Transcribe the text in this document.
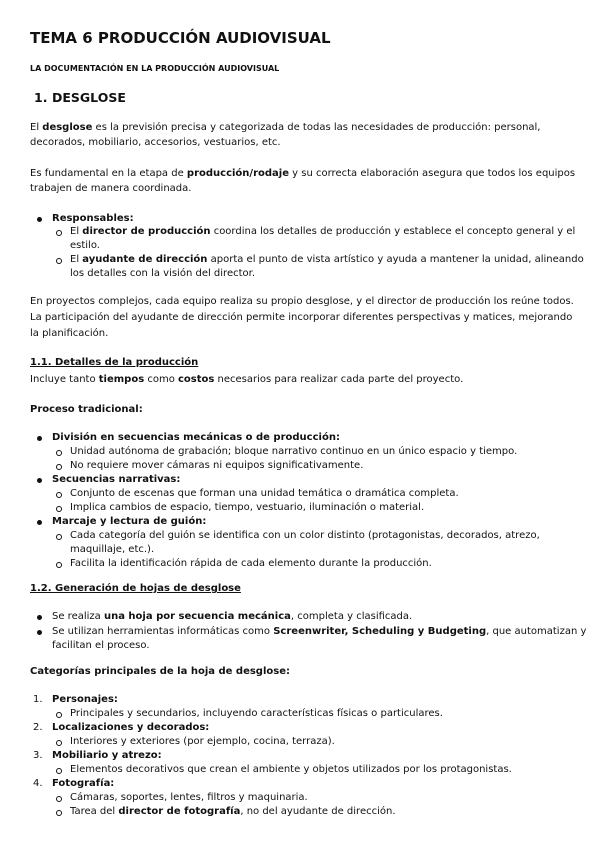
TEMA 6 PRODUCCIÓN AUDIOVISUAL
LA DOCUMENTACIÓN EN LA PRODUCCIÓN AUDIOVISUAL
1. DESGLOSE
El desglose es la previsión precisa y categorizada de todas las necesidades de producción: personal,
decorados, mobiliario, accesorios, vestuarios, etc.
Es fundamental en la etapa de producción/rodaje y su correcta elaboración asegura que todos los equipos
trabajen de manera coordinada.
Responsables:
El director de producción coordina los detalles de producción y establece el concepto general y el
estilo.
El ayudante de dirección aporta el punto de vista artístico y ayuda a mantener la unidad, alineando
los detalles con la visión del director.
En proyectos complejos, cada equipo realiza su propio desglose, y el director de producción los reúne todos.
La participación del ayudante de dirección permite incorporar diferentes perspectivas y matices, mejorando
la planificación.
1.1. Detalles de la producción
Incluye tanto tiempos como costos necesarios para realizar cada parte del proyecto.
Proceso tradicional:
División en secuencias mecánicas o de producción:
Unidad autónoma de grabación; bloque narrativo continuo en un único espacio y tiempo.
No requiere mover cámaras ni equipos significativamente.
Secuencias narrativas:
Conjunto de escenas que forman una unidad temática o dramática completa.
Implica cambios de espacio, tiempo, vestuario, iluminación o material.
Marcaje y lectura de guión:
Cada categoría del guión se identifica con un color distinto (protagonistas, decorados, atrezo,
maquillaje, etc.).
Facilita la identificación rápida de cada elemento durante la producción.
1.2. Generación de hojas de desglose
Se realiza una hoja por secuencia mecánica, completa y clasificada.
Se utilizan herramientas informáticas como Screenwriter, Scheduling y Budgeting, que automatizan y
facilitan el proceso.
Categorías principales de la hoja de desglose:
1. Personajes:
Principales y secundarios, incluyendo características físicas o particulares.
2. Localizaciones y decorados:
Interiores y exteriores (por ejemplo, cocina, terraza).
3. Mobiliario y atrezo:
Elementos decorativos que crean el ambiente y objetos utilizados por los protagonistas.
4. Fotografía:
Cámaras, soportes, lentes, filtros y maquinaria.
Tarea del director de fotografía, no del ayudante de dirección.
